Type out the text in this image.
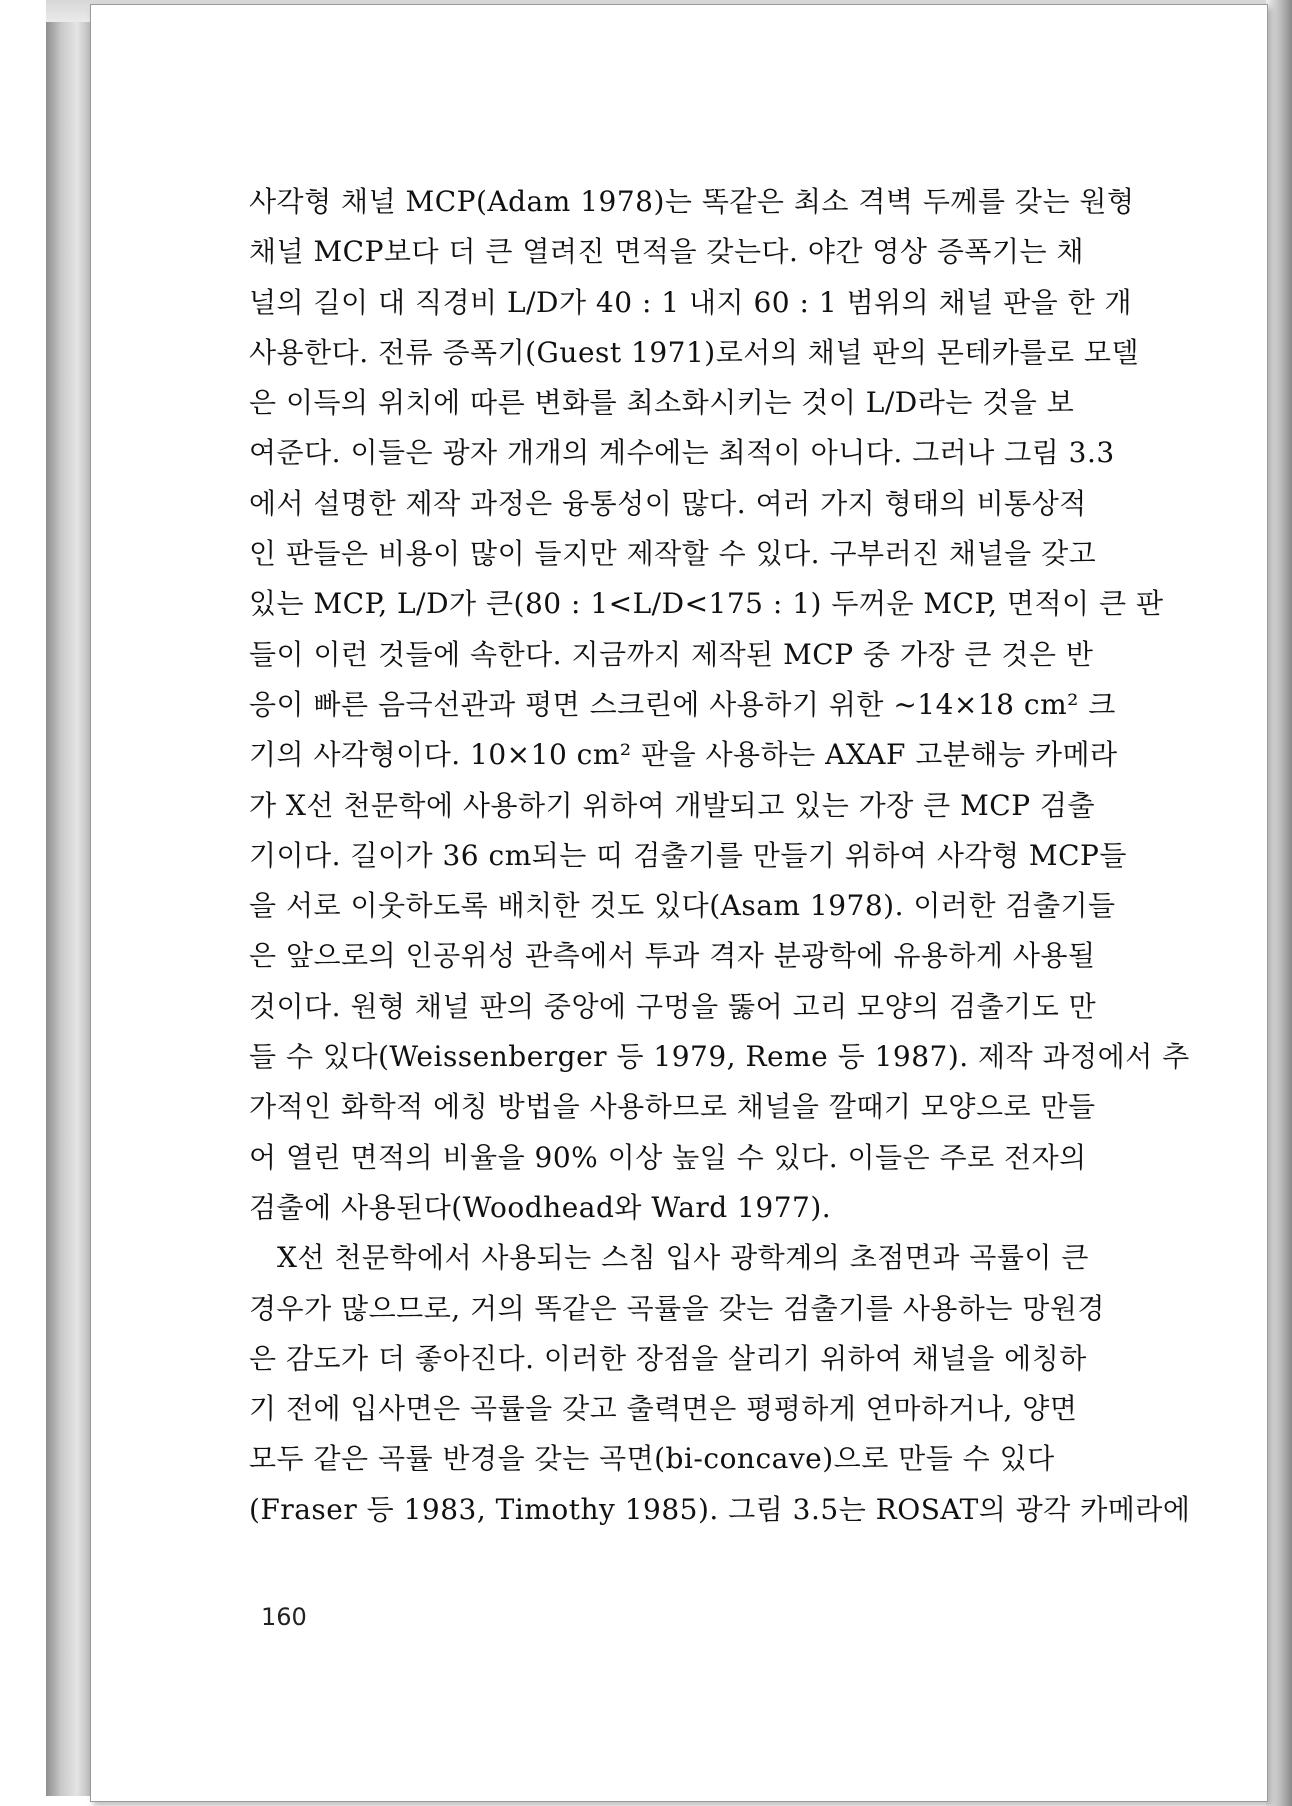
사각형 채널 MCP(Adam 1978)는 똑같은 최소 격벽 두께를 갖는 원형
채널 MCP보다 더 큰 열려진 면적을 갖는다. 야간 영상 증폭기는 채
널의 길이 대 직경비 L/D가 40 : 1 내지 60 : 1 범위의 채널 판을 한 개
사용한다. 전류 증폭기(Guest 1971)로서의 채널 판의 몬테카를로 모델
은 이득의 위치에 따른 변화를 최소화시키는 것이 L/D라는 것을 보
여준다. 이들은 광자 개개의 계수에는 최적이 아니다. 그러나 그림 3.3
에서 설명한 제작 과정은 융통성이 많다. 여러 가지 형태의 비통상적
인 판들은 비용이 많이 들지만 제작할 수 있다. 구부러진 채널을 갖고
있는 MCP, L/D가 큰(80 : 1<L/D<175 : 1) 두꺼운 MCP, 면적이 큰 판
들이 이런 것들에 속한다. 지금까지 제작된 MCP 중 가장 큰 것은 반
응이 빠른 음극선관과 평면 스크린에 사용하기 위한 ~14×18 cm² 크
기의 사각형이다. 10×10 cm² 판을 사용하는 AXAF 고분해능 카메라
가 X선 천문학에 사용하기 위하여 개발되고 있는 가장 큰 MCP 검출
기이다. 길이가 36 cm되는 띠 검출기를 만들기 위하여 사각형 MCP들
을 서로 이웃하도록 배치한 것도 있다(Asam 1978). 이러한 검출기들
은 앞으로의 인공위성 관측에서 투과 격자 분광학에 유용하게 사용될
것이다. 원형 채널 판의 중앙에 구멍을 뚫어 고리 모양의 검출기도 만
들 수 있다(Weissenberger 등 1979, Reme 등 1987). 제작 과정에서 추
가적인 화학적 에칭 방법을 사용하므로 채널을 깔때기 모양으로 만들
어 열린 면적의 비율을 90% 이상 높일 수 있다. 이들은 주로 전자의
검출에 사용된다(Woodhead와 Ward 1977).
X선 천문학에서 사용되는 스침 입사 광학계의 초점면과 곡률이 큰
경우가 많으므로, 거의 똑같은 곡률을 갖는 검출기를 사용하는 망원경
은 감도가 더 좋아진다. 이러한 장점을 살리기 위하여 채널을 에칭하
기 전에 입사면은 곡률을 갖고 출력면은 평평하게 연마하거나, 양면
모두 같은 곡률 반경을 갖는 곡면(bi-concave)으로 만들 수 있다
(Fraser 등 1983, Timothy 1985). 그림 3.5는 ROSAT의 광각 카메라에
160
